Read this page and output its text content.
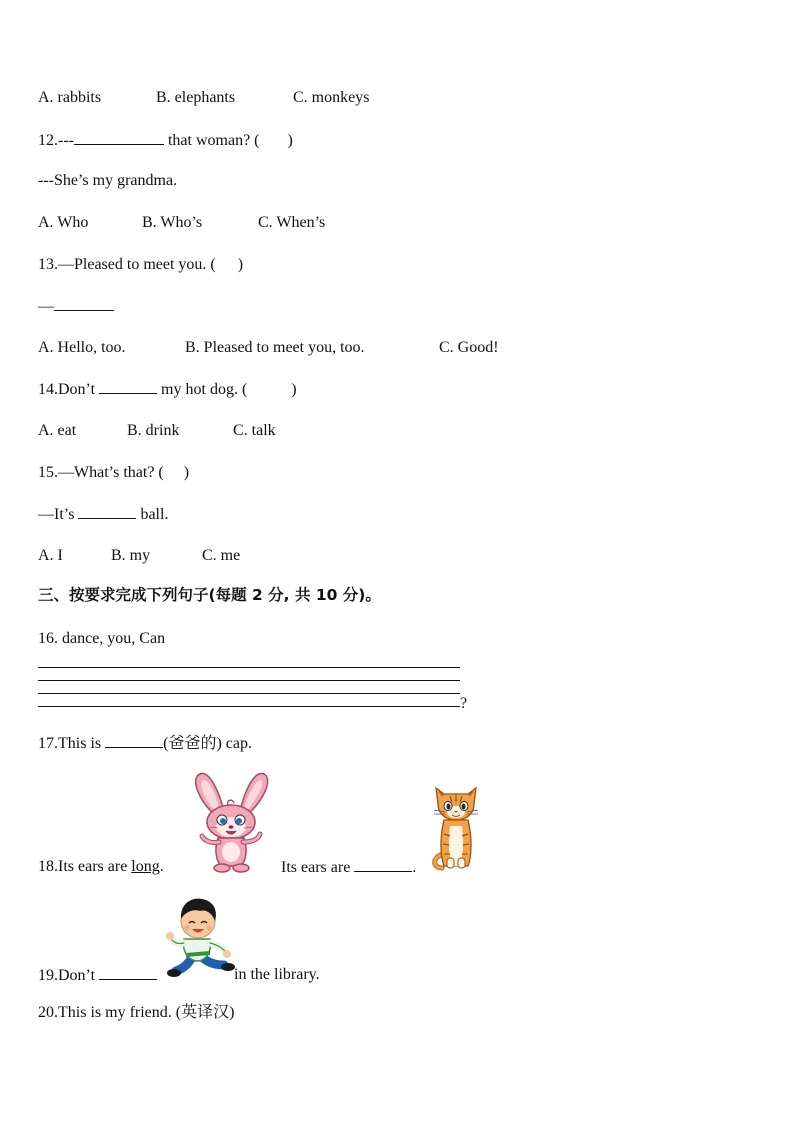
A. rabbits	B. elephants	C. monkeys
12.---	that woman? ( )
---She’s my grandma.
A. Who	B. Who’s	C. When’s
13.—Pleased to meet you. ( )
—
A. Hello, too.	B. Pleased to meet you, too.	C. Good!
14.Don’t	my hot dog. (	)
A. eat	B. drink	C. talk
15.—What’s that? ( )
—It’s	ball.
A. I	B. my	C. me
三、按要求完成下列句子(每题 2 分, 共 10 分)。
16. dance, you, Can
?
17.This is	(爸爸的) cap.
18.Its ears are long.	Its ears are	.
19.Don’t	in the library.
20.This is my friend. (英译汉)
